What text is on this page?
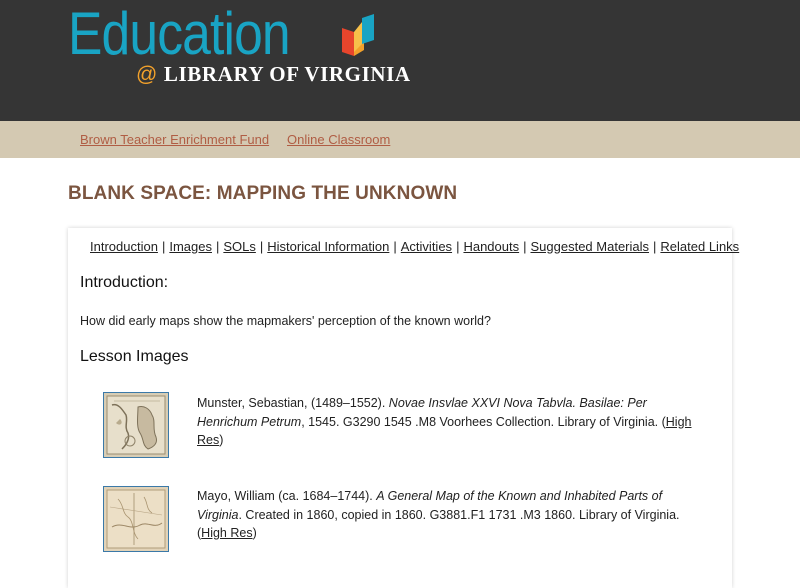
Education
@ LIBRARY OF VIRGINIA
Brown Teacher Enrichment Fund Online Classroom
BLANK SPACE: MAPPING THE UNKNOWN
Introduction | Images | SOLs | Historical Information | Activities | Handouts | Suggested Materials | Related Links
Introduction:
How did early maps show the mapmakers' perception of the known world?
Lesson Images
Munster, Sebastian, (1489–1552). Novae Insvlae XXVI Nova Tabvla. Basilae: Per Henrichum Petrum, 1545. G3290 1545 .M8 Voorhees Collection. Library of Virginia. (High Res)
Mayo, William (ca. 1684–1744). A General Map of the Known and Inhabited Parts of Virginia. Created in 1860, copied in 1860. G3881.F1 1731 .M3 1860. Library of Virginia. (High Res)
